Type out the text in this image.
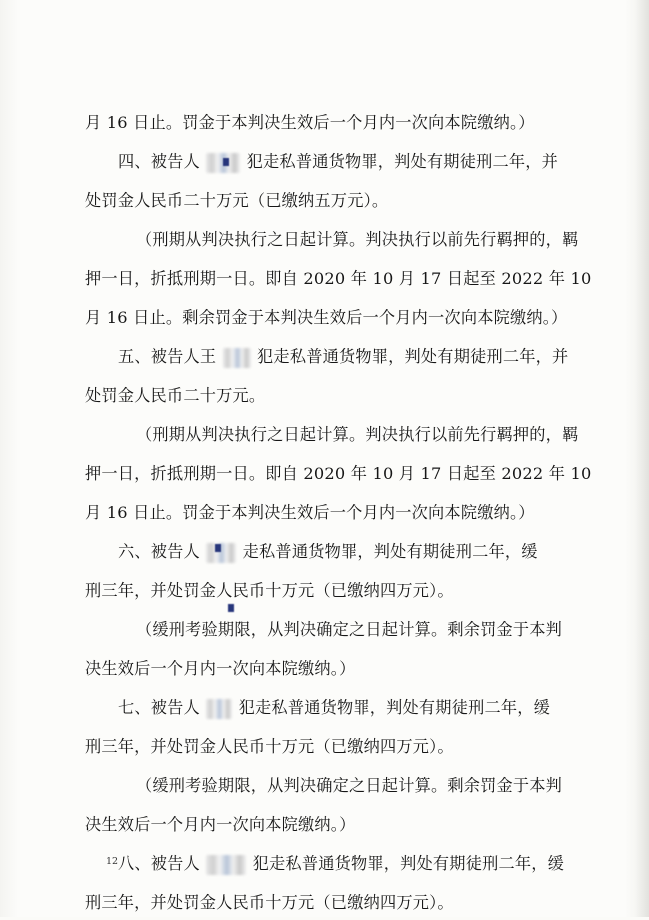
月 16 日止。罚金于本判决生效后一个月内一次向本院缴纳。）
四、被告人	犯走私普通货物罪，判处有期徒刑二年，并
处罚金人民币二十万元（已缴纳五万元）。
（刑期从判决执行之日起计算。判决执行以前先行羁押的，羁
押一日，折抵刑期一日。即自 2020 年 10 月 17 日起至 2022 年 10
月 16 日止。剩余罚金于本判决生效后一个月内一次向本院缴纳。）
五、被告人王	犯走私普通货物罪，判处有期徒刑二年，并
处罚金人民币二十万元。
（刑期从判决执行之日起计算。判决执行以前先行羁押的，羁
押一日，折抵刑期一日。即自 2020 年 10 月 17 日起至 2022 年 10
月 16 日止。罚金于本判决生效后一个月内一次向本院缴纳。）
六、被告人	走私普通货物罪，判处有期徒刑二年，缓
刑三年，并处罚金人民币十万元（已缴纳四万元）。
（缓刑考验期限，从判决确定之日起计算。剩余罚金于本判
决生效后一个月内一次向本院缴纳。）
七、被告人 犯走私普通货物罪，判处有期徒刑二年，缓
刑三年，并处罚金人民币十万元（已缴纳四万元）。
（缓刑考验期限，从判决确定之日起计算。剩余罚金于本判
决生效后一个月内一次向本院缴纳。）
八、被告人	犯走私普通货物罪，判处有期徒刑二年，缓
刑三年，并处罚金人民币十万元（已缴纳四万元）。
12
